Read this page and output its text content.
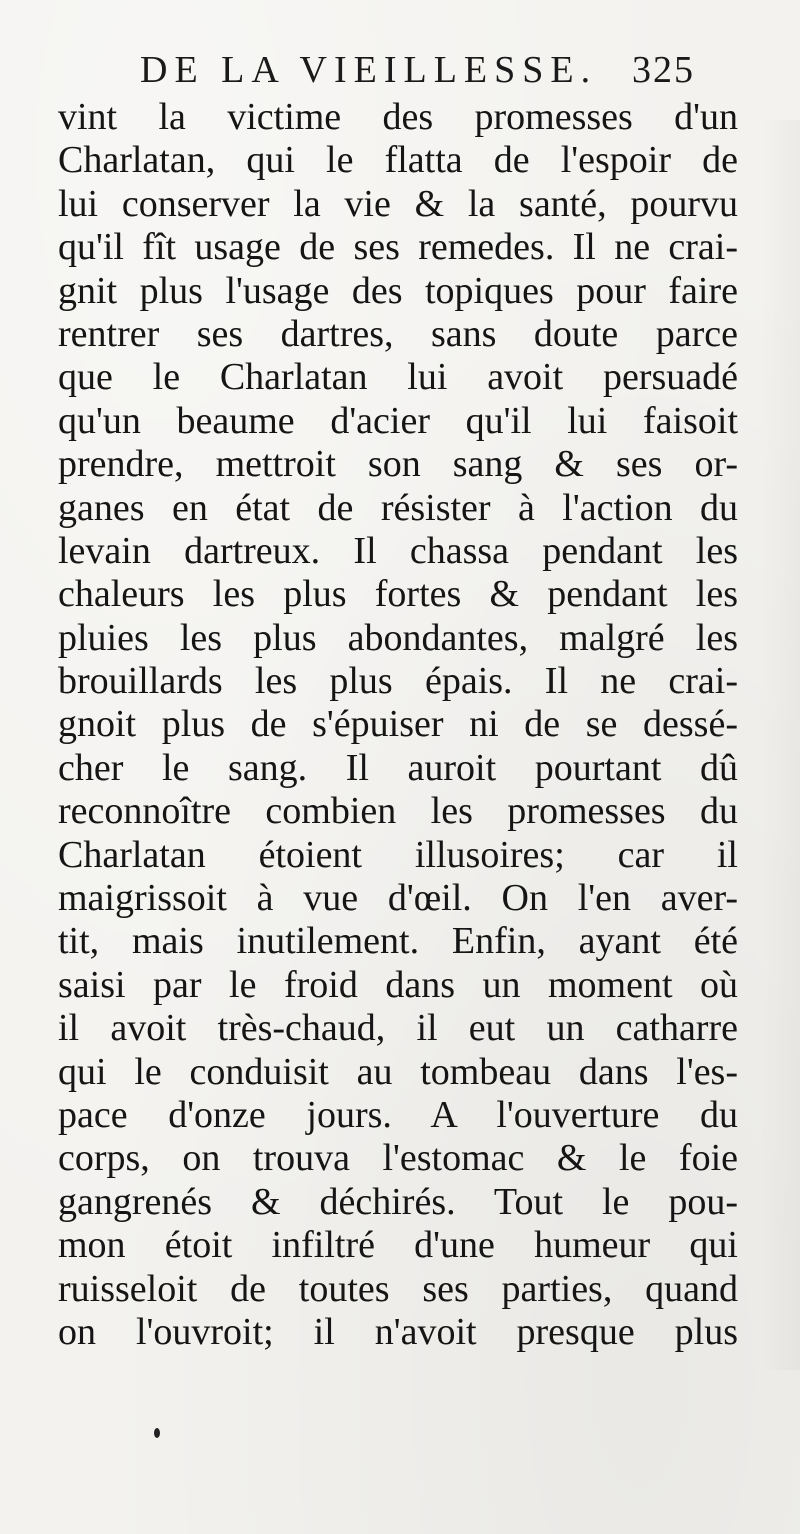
DE LA VIEILLESSE. 325
vint la victime des promesses d'un
Charlatan, qui le flatta de l'espoir de
lui conserver la vie & la santé, pourvu
qu'il fît usage de ses remedes. Il ne crai-
gnit plus l'usage des topiques pour faire
rentrer ses dartres, sans doute parce
que le Charlatan lui avoit persuadé
qu'un beaume d'acier qu'il lui faisoit
prendre, mettroit son sang & ses or-
ganes en état de résister à l'action du
levain dartreux. Il chassa pendant les
chaleurs les plus fortes & pendant les
pluies les plus abondantes, malgré les
brouillards les plus épais. Il ne crai-
gnoit plus de s'épuiser ni de se dessé-
cher le sang. Il auroit pourtant dû
reconnoître combien les promesses du
Charlatan étoient illusoires; car il
maigrissoit à vue d'œil. On l'en aver-
tit, mais inutilement. Enfin, ayant été
saisi par le froid dans un moment où
il avoit très-chaud, il eut un catharre
qui le conduisit au tombeau dans l'es-
pace d'onze jours. A l'ouverture du
corps, on trouva l'estomac & le foie
gangrenés & déchirés. Tout le pou-
mon étoit infiltré d'une humeur qui
ruisseloit de toutes ses parties, quand
on l'ouvroit; il n'avoit presque plus
